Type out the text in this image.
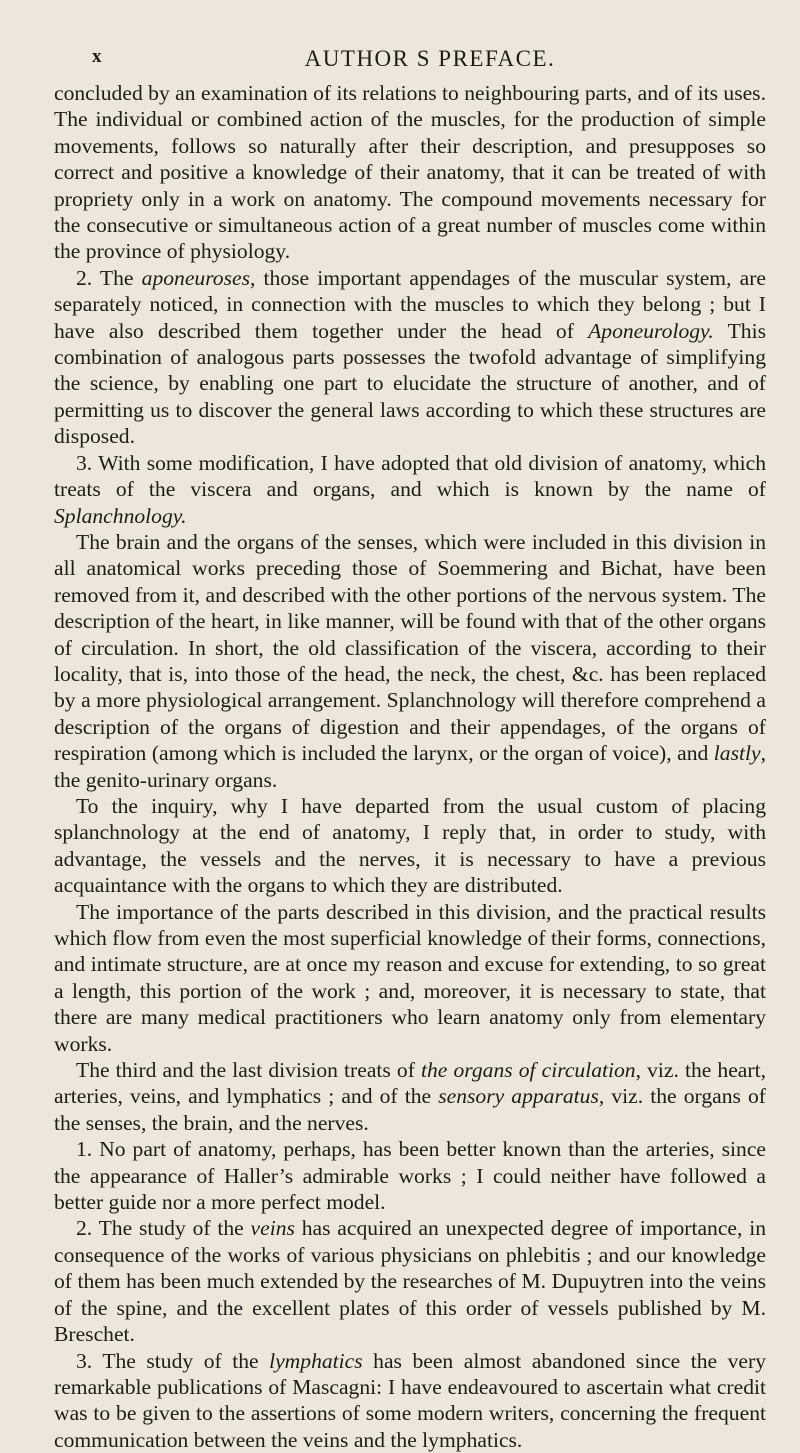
x	AUTHOR S PREFACE.

concluded by an examination of its relations to neighbouring parts, and of its uses. The individual or combined action of the muscles, for the production of simple movements, follows so naturally after their description, and presupposes so correct and positive a knowledge of their anatomy, that it can be treated of with propriety only in a work on anatomy. The compound movements necessary for the consecutive or simultaneous action of a great number of muscles come within the province of physiology.

2. The aponeuroses, those important appendages of the muscular system, are separately noticed, in connection with the muscles to which they belong ; but I have also described them together under the head of Aponeurology. This combination of analogous parts possesses the twofold advantage of simplifying the science, by enabling one part to elucidate the structure of another, and of permitting us to discover the general laws according to which these structures are disposed.

3. With some modification, I have adopted that old division of anatomy, which treats of the viscera and organs, and which is known by the name of Splanchnology.

The brain and the organs of the senses, which were included in this division in all anatomical works preceding those of Soemmering and Bichat, have been removed from it, and described with the other portions of the nervous system. The description of the heart, in like manner, will be found with that of the other organs of circulation. In short, the old classification of the viscera, according to their locality, that is, into those of the head, the neck, the chest, &c. has been replaced by a more physiological arrangement. Splanchnology will therefore comprehend a description of the organs of digestion and their appendages, of the organs of respiration (among which is included the larynx, or the organ of voice), and lastly, the genito-urinary organs.

To the inquiry, why I have departed from the usual custom of placing splanchnology at the end of anatomy, I reply that, in order to study, with advantage, the vessels and the nerves, it is necessary to have a previous acquaintance with the organs to which they are distributed.

The importance of the parts described in this division, and the practical results which flow from even the most superficial knowledge of their forms, connections, and intimate structure, are at once my reason and excuse for extending, to so great a length, this portion of the work ; and, moreover, it is necessary to state, that there are many medical practitioners who learn anatomy only from elementary works.

The third and the last division treats of the organs of circulation, viz. the heart, arteries, veins, and lymphatics ; and of the sensory apparatus, viz. the organs of the senses, the brain, and the nerves.

1. No part of anatomy, perhaps, has been better known than the arteries, since the appearance of Haller’s admirable works ; I could neither have followed a better guide nor a more perfect model.

2. The study of the veins has acquired an unexpected degree of importance, in consequence of the works of various physicians on phlebitis ; and our knowledge of them has been much extended by the researches of M. Dupuytren into the veins of the spine, and the excellent plates of this order of vessels published by M. Breschet.

3. The study of the lymphatics has been almost abandoned since the very remarkable publications of Mascagni: I have endeavoured to ascertain what credit was to be given to the assertions of some modern writers, concerning the frequent communication between the veins and the lymphatics.
